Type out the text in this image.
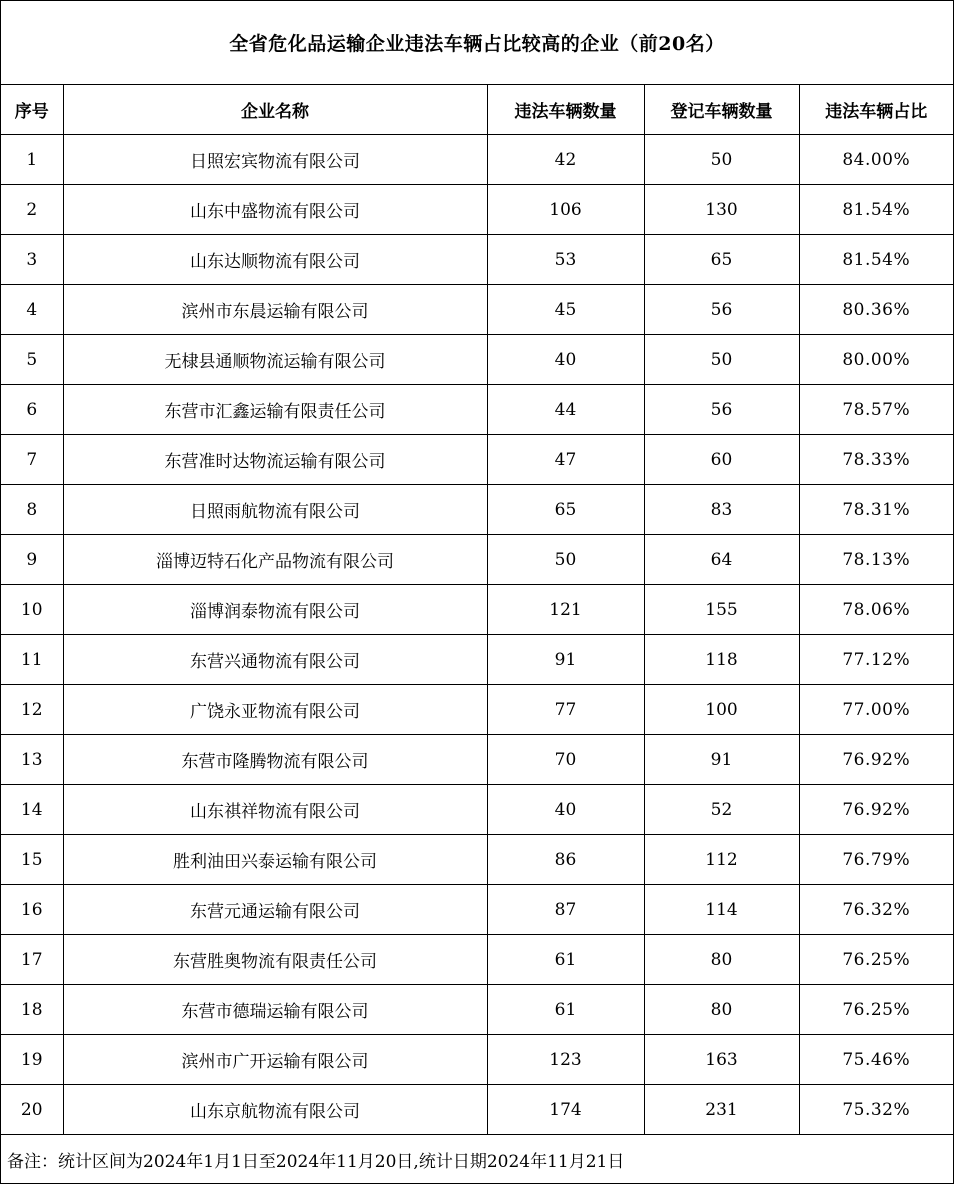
全省危化品运输企业违法车辆占比较高的企业（前20名）
序号	企业名称	违法车辆数量	登记车辆数量	违法车辆占比
1	日照宏宾物流有限公司	42	50	84.00%
2	山东中盛物流有限公司	106	130	81.54%
3	山东达顺物流有限公司	53	65	81.54%
4	滨州市东晨运输有限公司	45	56	80.36%
5	无棣县通顺物流运输有限公司	40	50	80.00%
6	东营市汇鑫运输有限责任公司	44	56	78.57%
7	东营准时达物流运输有限公司	47	60	78.33%
8	日照雨航物流有限公司	65	83	78.31%
9	淄博迈特石化产品物流有限公司	50	64	78.13%
10	淄博润泰物流有限公司	121	155	78.06%
11	东营兴通物流有限公司	91	118	77.12%
12	广饶永亚物流有限公司	77	100	77.00%
13	东营市隆腾物流有限公司	70	91	76.92%
14	山东祺祥物流有限公司	40	52	76.92%
15	胜利油田兴泰运输有限公司	86	112	76.79%
16	东营元通运输有限公司	87	114	76.32%
17	东营胜奥物流有限责任公司	61	80	76.25%
18	东营市德瑞运输有限公司	61	80	76.25%
19	滨州市广开运输有限公司	123	163	75.46%
20	山东京航物流有限公司	174	231	75.32%
备注：统计区间为2024年1月1日至2024年11月20日,统计日期2024年11月21日
